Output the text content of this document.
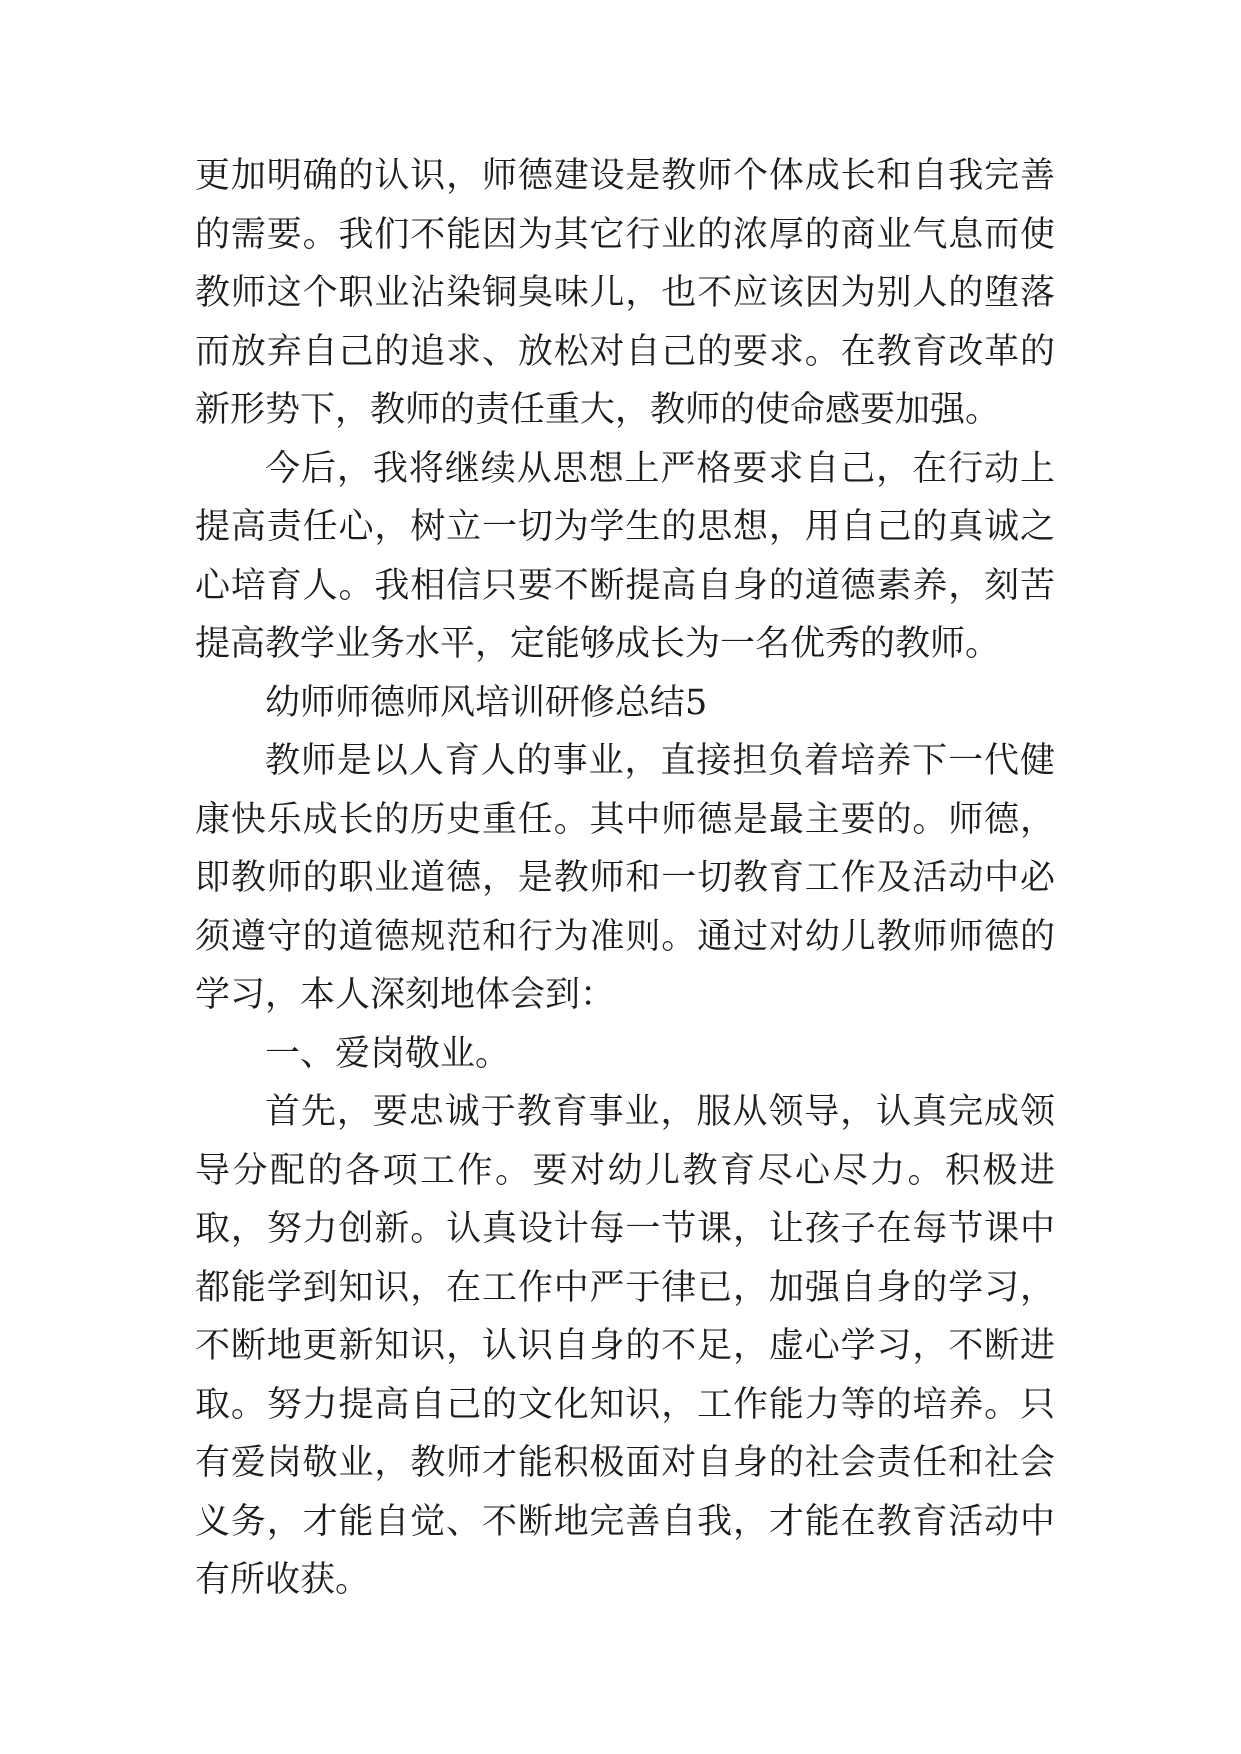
更加明确的认识，师德建设是教师个体成长和自我完善的需要。我们不能因为其它行业的浓厚的商业气息而使教师这个职业沾染铜臭味儿，也不应该因为别人的堕落而放弃自己的追求、放松对自己的要求。在教育改革的新形势下，教师的责任重大，教师的使命感要加强。

今后，我将继续从思想上严格要求自己，在行动上提高责任心，树立一切为学生的思想，用自己的真诚之心培育人。我相信只要不断提高自身的道德素养，刻苦提高教学业务水平，定能够成长为一名优秀的教师。

幼师师德师风培训研修总结5

教师是以人育人的事业，直接担负着培养下一代健康快乐成长的历史重任。其中师德是最主要的。师德，即教师的职业道德，是教师和一切教育工作及活动中必须遵守的道德规范和行为准则。通过对幼儿教师师德的学习，本人深刻地体会到：

一、爱岗敬业。

首先，要忠诚于教育事业，服从领导，认真完成领导分配的各项工作。要对幼儿教育尽心尽力。积极进取，努力创新。认真设计每一节课，让孩子在每节课中都能学到知识，在工作中严于律已，加强自身的学习，不断地更新知识，认识自身的不足，虚心学习，不断进取。努力提高自己的文化知识，工作能力等的培养。只有爱岗敬业，教师才能积极面对自身的社会责任和社会义务，才能自觉、不断地完善自我，才能在教育活动中有所收获。
